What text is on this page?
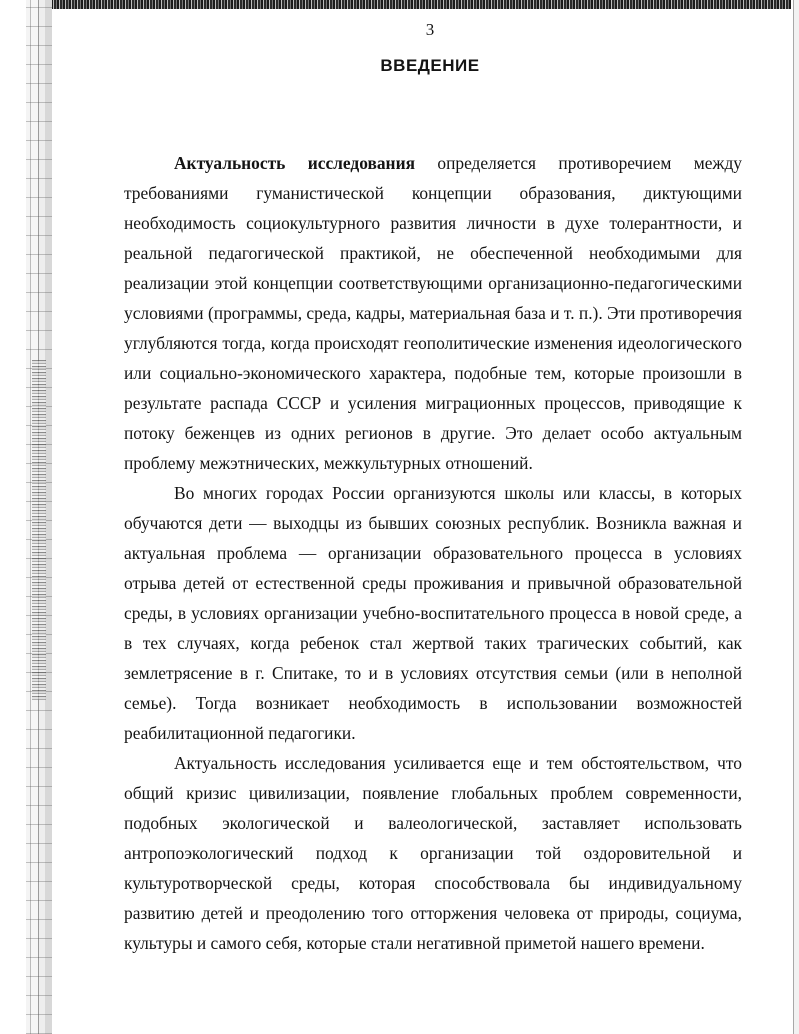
3
ВВЕДЕНИЕ

Актуальность исследования определяется противоречием между требованиями гуманистической концепции образования, диктующими необходимость социокультурного развития личности в духе толерантности, и реальной педагогической практикой, не обеспеченной необходимыми для реализации этой концепции соответствующими организационно-педагогическими условиями (программы, среда, кадры, материальная база и т. п.). Эти противоречия углубляются тогда, когда происходят геополитические изменения идеологического или социально-экономического характера, подобные тем, которые произошли в результате распада СССР и усиления миграционных процессов, приводящие к потоку беженцев из одних регионов в другие. Это делает особо актуальным проблему межэтнических, межкультурных отношений.

Во многих городах России организуются школы или классы, в которых обучаются дети — выходцы из бывших союзных республик. Возникла важная и актуальная проблема — организации образовательного процесса в условиях отрыва детей от естественной среды проживания и привычной образовательной среды, в условиях организации учебно-воспитательного процесса в новой среде, а в тех случаях, когда ребенок стал жертвой таких трагических событий, как землетрясение в г. Спитаке, то и в условиях отсутствия семьи (или в неполной семье). Тогда возникает необходимость в использовании возможностей реабилитационной педагогики.

Актуальность исследования усиливается еще и тем обстоятельством, что общий кризис цивилизации, появление глобальных проблем современности, подобных экологической и валеологической, заставляет использовать антропоэкологический подход к организации той оздоровительной и культуротворческой среды, которая способствовала бы индивидуальному развитию детей и преодолению того отторжения человека от природы, социума, культуры и самого себя, которые стали негативной приметой нашего времени.
